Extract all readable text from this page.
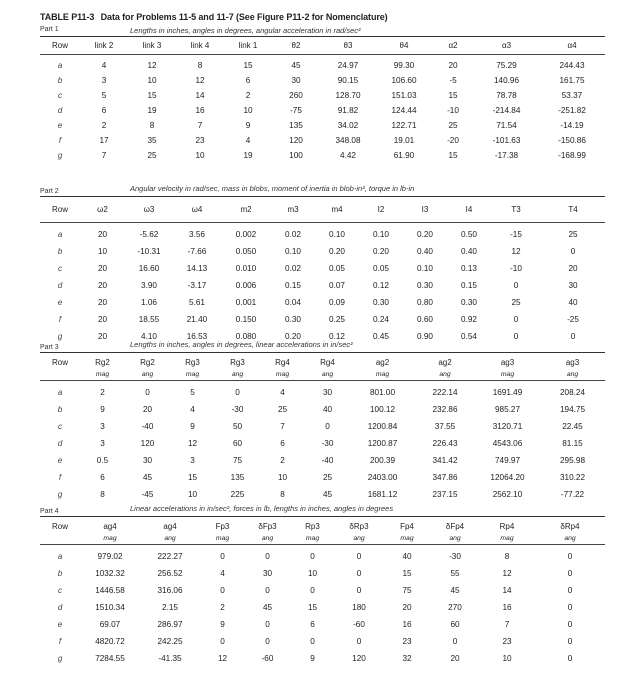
TABLE P11-3 Data for Problems 11-5 and 11-7 (See Figure P11-2 for Nomenclature)
Part 1	Lengths in inches, angles in degrees, angular acceleration in rad/sec²
Row	link 2	link 3	link 4	link 1	θ2	θ3	θ4	α2	α3	α4

a	4	12	8	15	45	24.97	99.30	20	75.29	244.43
b	3	10	12	6	30	90.15	106.60	-5	140.96	161.75
c	5	15	14	2	260	128.70	151.03	15	78.78	53.37
d	6	19	16	10	-75	91.82	124.44	-10	-214.84	-251.82
e	2	8	7	9	135	34.02	122.71	25	71.54	-14.19
f	17	35	23	4	120	348.08	19.01	-20	-101.63	-150.86
g	7	25	10	19	100	4.42	61.90	15	-17.38	-168.99
Part 2	Angular velocity in rad/sec, mass in blobs, moment of inertia in blob-in², torque in lb-in
Row	ω2	ω3	ω4	m2	m3	m4	I2	I3	I4	T3	T4

a	20	-5.62	3.56	0.002	0.02	0.10	0.10	0.20	0.50	-15	25
b	10	-10.31	-7.66	0.050	0.10	0.20	0.20	0.40	0.40	12	0
c	20	16.60	14.13	0.010	0.02	0.05	0.05	0.10	0.13	-10	20
d	20	3.90	-3.17	0.006	0.15	0.07	0.12	0.30	0.15	0	30
e	20	1.06	5.61	0.001	0.04	0.09	0.30	0.80	0.30	25	40
f	20	18.55	21.40	0.150	0.30	0.25	0.24	0.60	0.92	0	-25
g	20	4.10	16.53	0.080	0.20	0.12	0.45	0.90	0.54	0	0
Part 3	Lengths in inches, angles in degrees, linear accelerations in in/sec²
Row	Rg2	Rg2	Rg3	Rg3	Rg4	Rg4	ag2	ag2	ag3	ag3
	mag	ang	mag	ang	mag	ang	mag	ang	mag	ang

a	2	0	5	0	4	30	801.00	222.14	1691.49	208.24
b	9	20	4	-30	25	40	100.12	232.86	985.27	194.75
c	3	-40	9	50	7	0	1200.84	37.55	3120.71	22.45
d	3	120	12	60	6	-30	1200.87	226.43	4543.06	81.15
e	0.5	30	3	75	2	-40	200.39	341.42	749.97	295.98
f	6	45	15	135	10	25	2403.00	347.86	12064.20	310.22
g	8	-45	10	225	8	45	1681.12	237.15	2562.10	-77.22
Part 4	Linear accelerations in in/sec², forces in lb, lengths in inches, angles in degrees
Row	ag4	ag4	Fp3	δFp3	Rp3	δRp3	Fp4	δFp4	Rp4	δRp4
	mag	ang	mag	ang	mag	ang	mag	ang	mag	ang

a	979.02	222.27	0	0	0	0	40	-30	8	0
b	1032.32	256.52	4	30	10	0	15	55	12	0
c	1446.58	316.06	0	0	0	0	75	45	14	0
d	1510.34	2.15	2	45	15	180	20	270	16	0
e	69.07	286.97	9	0	6	-60	16	60	7	0
f	4820.72	242.25	0	0	0	0	23	0	23	0
g	7284.55	-41.35	12	-60	9	120	32	20	10	0
